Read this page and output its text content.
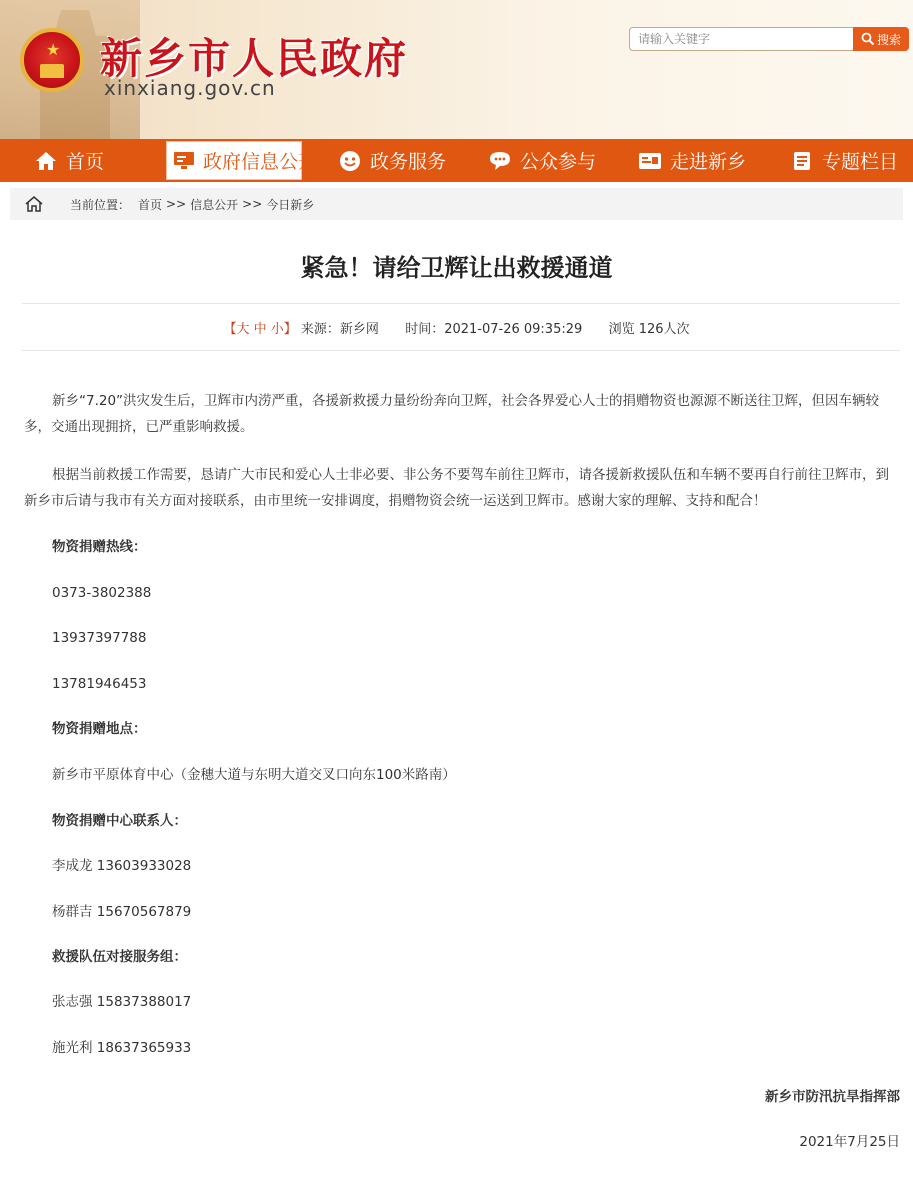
★ 新乡市人民政府
xinxiang.gov.cn
请输入关键字	搜索
首页	政府信息公开	政务服务	公众参与	走进新乡	专题栏目
当前位置： 首页 >> 信息公开 >> 今日新乡
紧急！请给卫辉让出救援通道
【大 中 小】 来源：新乡网 时间：2021-07-26 09:35:29 浏览 126人次
新乡“7.20”洪灾发生后，卫辉市内涝严重，各援新救援力量纷纷奔向卫辉，社会各界爱心人士的捐赠物资也源源不断送往卫辉，但因车辆较多，交通出现拥挤，已严重影响救援。
根据当前救援工作需要，恳请广大市民和爱心人士非必要、非公务不要驾车前往卫辉市，请各援新救援队伍和车辆不要再自行前往卫辉市，到新乡市后请与我市有关方面对接联系，由市里统一安排调度，捐赠物资会统一运送到卫辉市。感谢大家的理解、支持和配合！
物资捐赠热线：
0373-3802388
13937397788
13781946453
物资捐赠地点：
新乡市平原体育中心（金穗大道与东明大道交叉口向东100米路南）
物资捐赠中心联系人：
李成龙 13603933028
杨群吉 15670567879
救援队伍对接服务组：
张志强 15837388017
施光利 18637365933
新乡市防汛抗旱指挥部
2021年7月25日
